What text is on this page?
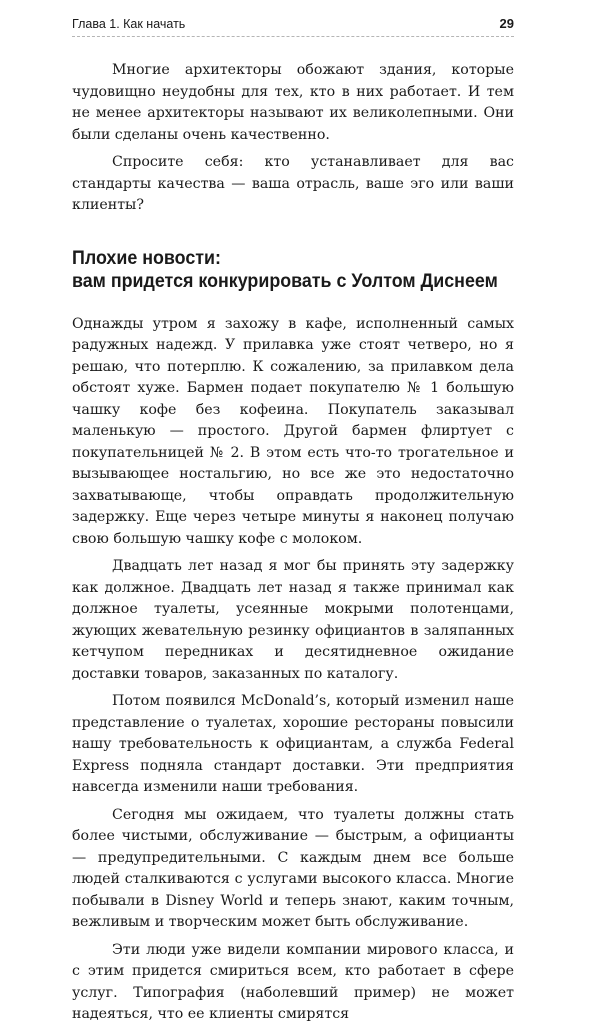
Глава 1. Как начать	29

Многие архитекторы обожают здания, которые чудовищно неудобны для тех, кто в них работает. И тем не менее архитекторы называют их великолепными. Они были сделаны очень качественно.

Спросите себя: кто устанавливает для вас стандарты качества — ваша отрасль, ваше эго или ваши клиенты?

Плохие новости:
вам придется конкурировать с Уолтом Диснеем

Однажды утром я захожу в кафе, исполненный самых радужных надежд. У прилавка уже стоят четверо, но я решаю, что потерплю. К сожалению, за прилавком дела обстоят хуже. Бармен подает покупателю № 1 большую чашку кофе без кофеина. Покупатель заказывал маленькую — простого. Другой бармен флиртует с покупательницей № 2. В этом есть что-то трогательное и вызывающее ностальгию, но все же это недостаточно захватывающе, чтобы оправдать продолжительную задержку. Еще через четыре минуты я наконец получаю свою большую чашку кофе с молоком.

Двадцать лет назад я мог бы принять эту задержку как должное. Двадцать лет назад я также принимал как должное туалеты, усеянные мокрыми полотенцами, жующих жевательную резинку официантов в заляпанных кетчупом передниках и десятидневное ожидание доставки товаров, заказанных по каталогу.

Потом появился McDonald’s, который изменил наше представление о туалетах, хорошие рестораны повысили нашу требовательность к официантам, а служба Federal Express подняла стандарт доставки. Эти предприятия навсегда изменили наши требования.

Сегодня мы ожидаем, что туалеты должны стать более чистыми, обслуживание — быстрым, а официанты — предупредительными. С каждым днем все больше людей сталкиваются с услугами высокого класса. Многие побывали в Disney World и теперь знают, каким точным, вежливым и творческим может быть обслуживание.

Эти люди уже видели компании мирового класса, и с этим придется смириться всем, кто работает в сфере услуг. Типография (наболевший пример) не может надеяться, что ее клиенты смирятся
